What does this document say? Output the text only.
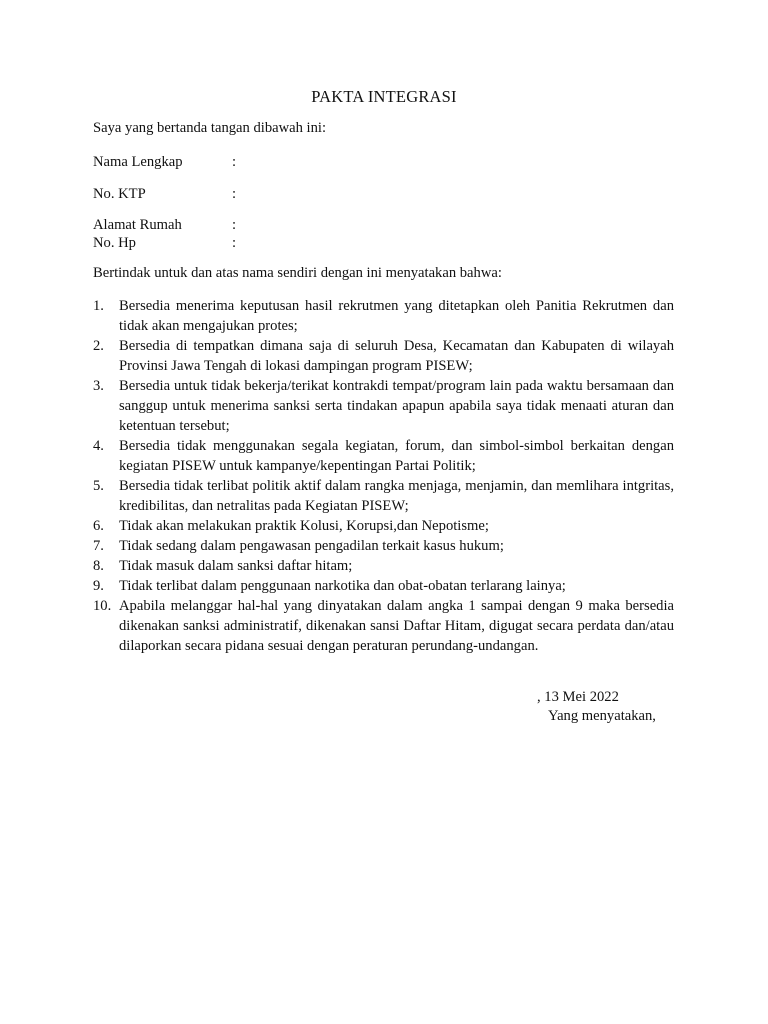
PAKTA INTEGRASI
Saya yang bertanda tangan dibawah ini:
Nama Lengkap	:
No. KTP	:
Alamat Rumah	:
No. Hp	:
Bertindak untuk dan atas nama sendiri dengan ini menyatakan bahwa:
1.	Bersedia menerima keputusan hasil rekrutmen yang ditetapkan oleh Panitia Rekrutmen dan tidak akan mengajukan protes;
2.	Bersedia di tempatkan dimana saja di seluruh Desa, Kecamatan dan Kabupaten di wilayah Provinsi Jawa Tengah di lokasi dampingan program PISEW;
3.	Bersedia untuk tidak bekerja/terikat kontrakdi tempat/program lain pada waktu bersamaan dan sanggup untuk menerima sanksi serta tindakan apapun apabila saya tidak menaati aturan dan ketentuan tersebut;
4.	Bersedia tidak menggunakan segala kegiatan, forum, dan simbol-simbol berkaitan dengan kegiatan PISEW untuk kampanye/kepentingan Partai Politik;
5.	Bersedia tidak terlibat politik aktif dalam rangka menjaga, menjamin, dan memlihara intgritas, kredibilitas, dan netralitas pada Kegiatan PISEW;
6.	Tidak akan melakukan praktik Kolusi, Korupsi,dan Nepotisme;
7.	Tidak sedang dalam pengawasan pengadilan terkait kasus hukum;
8.	Tidak masuk dalam sanksi daftar hitam;
9.	Tidak terlibat dalam penggunaan narkotika dan obat-obatan terlarang lainya;
10. Apabila melanggar hal-hal yang dinyatakan dalam angka 1 sampai dengan 9 maka bersedia dikenakan sanksi administratif, dikenakan sansi Daftar Hitam, digugat secara perdata dan/atau dilaporkan secara pidana sesuai dengan peraturan perundang-undangan.
, 13 Mei 2022
Yang menyatakan,
